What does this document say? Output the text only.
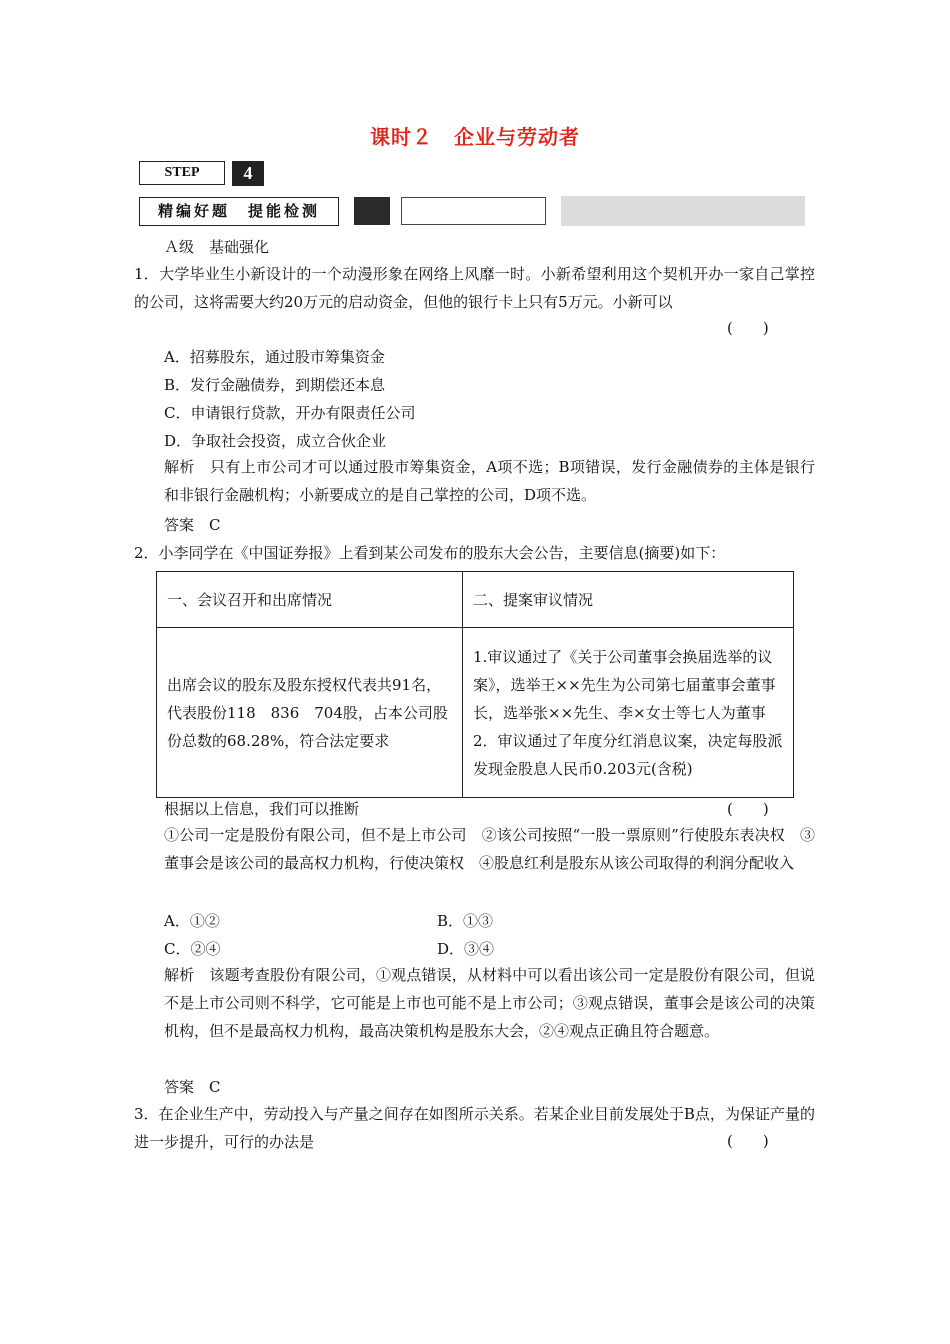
课时２　企业与劳动者
STEP	4
精编好题　提能检测
Ａ级　基础强化
1．大学毕业生小新设计的一个动漫形象在网络上风靡一时。小新希望利用这个契机开办一家自己掌控的公司，这将需要大约20万元的启动资金，但他的银行卡上只有5万元。小新可以
(　　)
A．招募股东，通过股市筹集资金
B．发行金融债券，到期偿还本息
C．申请银行贷款，开办有限责任公司
D．争取社会投资，成立合伙企业
解析　只有上市公司才可以通过股市筹集资金，A项不选；B项错误，发行金融债券的主体是银行和非银行金融机构；小新要成立的是自己掌控的公司，D项不选。
答案　C
2．小李同学在《中国证券报》上看到某公司发布的股东大会公告，主要信息(摘要)如下：
一、会议召开和出席情况	二、提案审议情况
出席会议的股东及股东授权代表共91名，代表股份118　836　704股，占本公司股份总数的68.28%，符合法定要求	1.审议通过了《关于公司董事会换届选举的议案》，选举王××先生为公司第七届董事会董事长，选举张××先生、李×女士等七人为董事
2．审议通过了年度分红消息议案，决定每股派发现金股息人民币0.203元(含税)
根据以上信息，我们可以推断	(　　)
①公司一定是股份有限公司，但不是上市公司　②该公司按照“一股一票原则”行使股东表决权　③董事会是该公司的最高权力机构，行使决策权　④股息红利是股东从该公司取得的利润分配收入
A．①②	B．①③
C．②④	D．③④
解析　该题考查股份有限公司，①观点错误，从材料中可以看出该公司一定是股份有限公司，但说不是上市公司则不科学，它可能是上市也可能不是上市公司；③观点错误，董事会是该公司的决策机构，但不是最高权力机构，最高决策机构是股东大会，②④观点正确且符合题意。
答案　C
3．在企业生产中，劳动投入与产量之间存在如图所示关系。若某企业目前发展处于B点，为保证产量的进一步提升，可行的办法是	(　　)
